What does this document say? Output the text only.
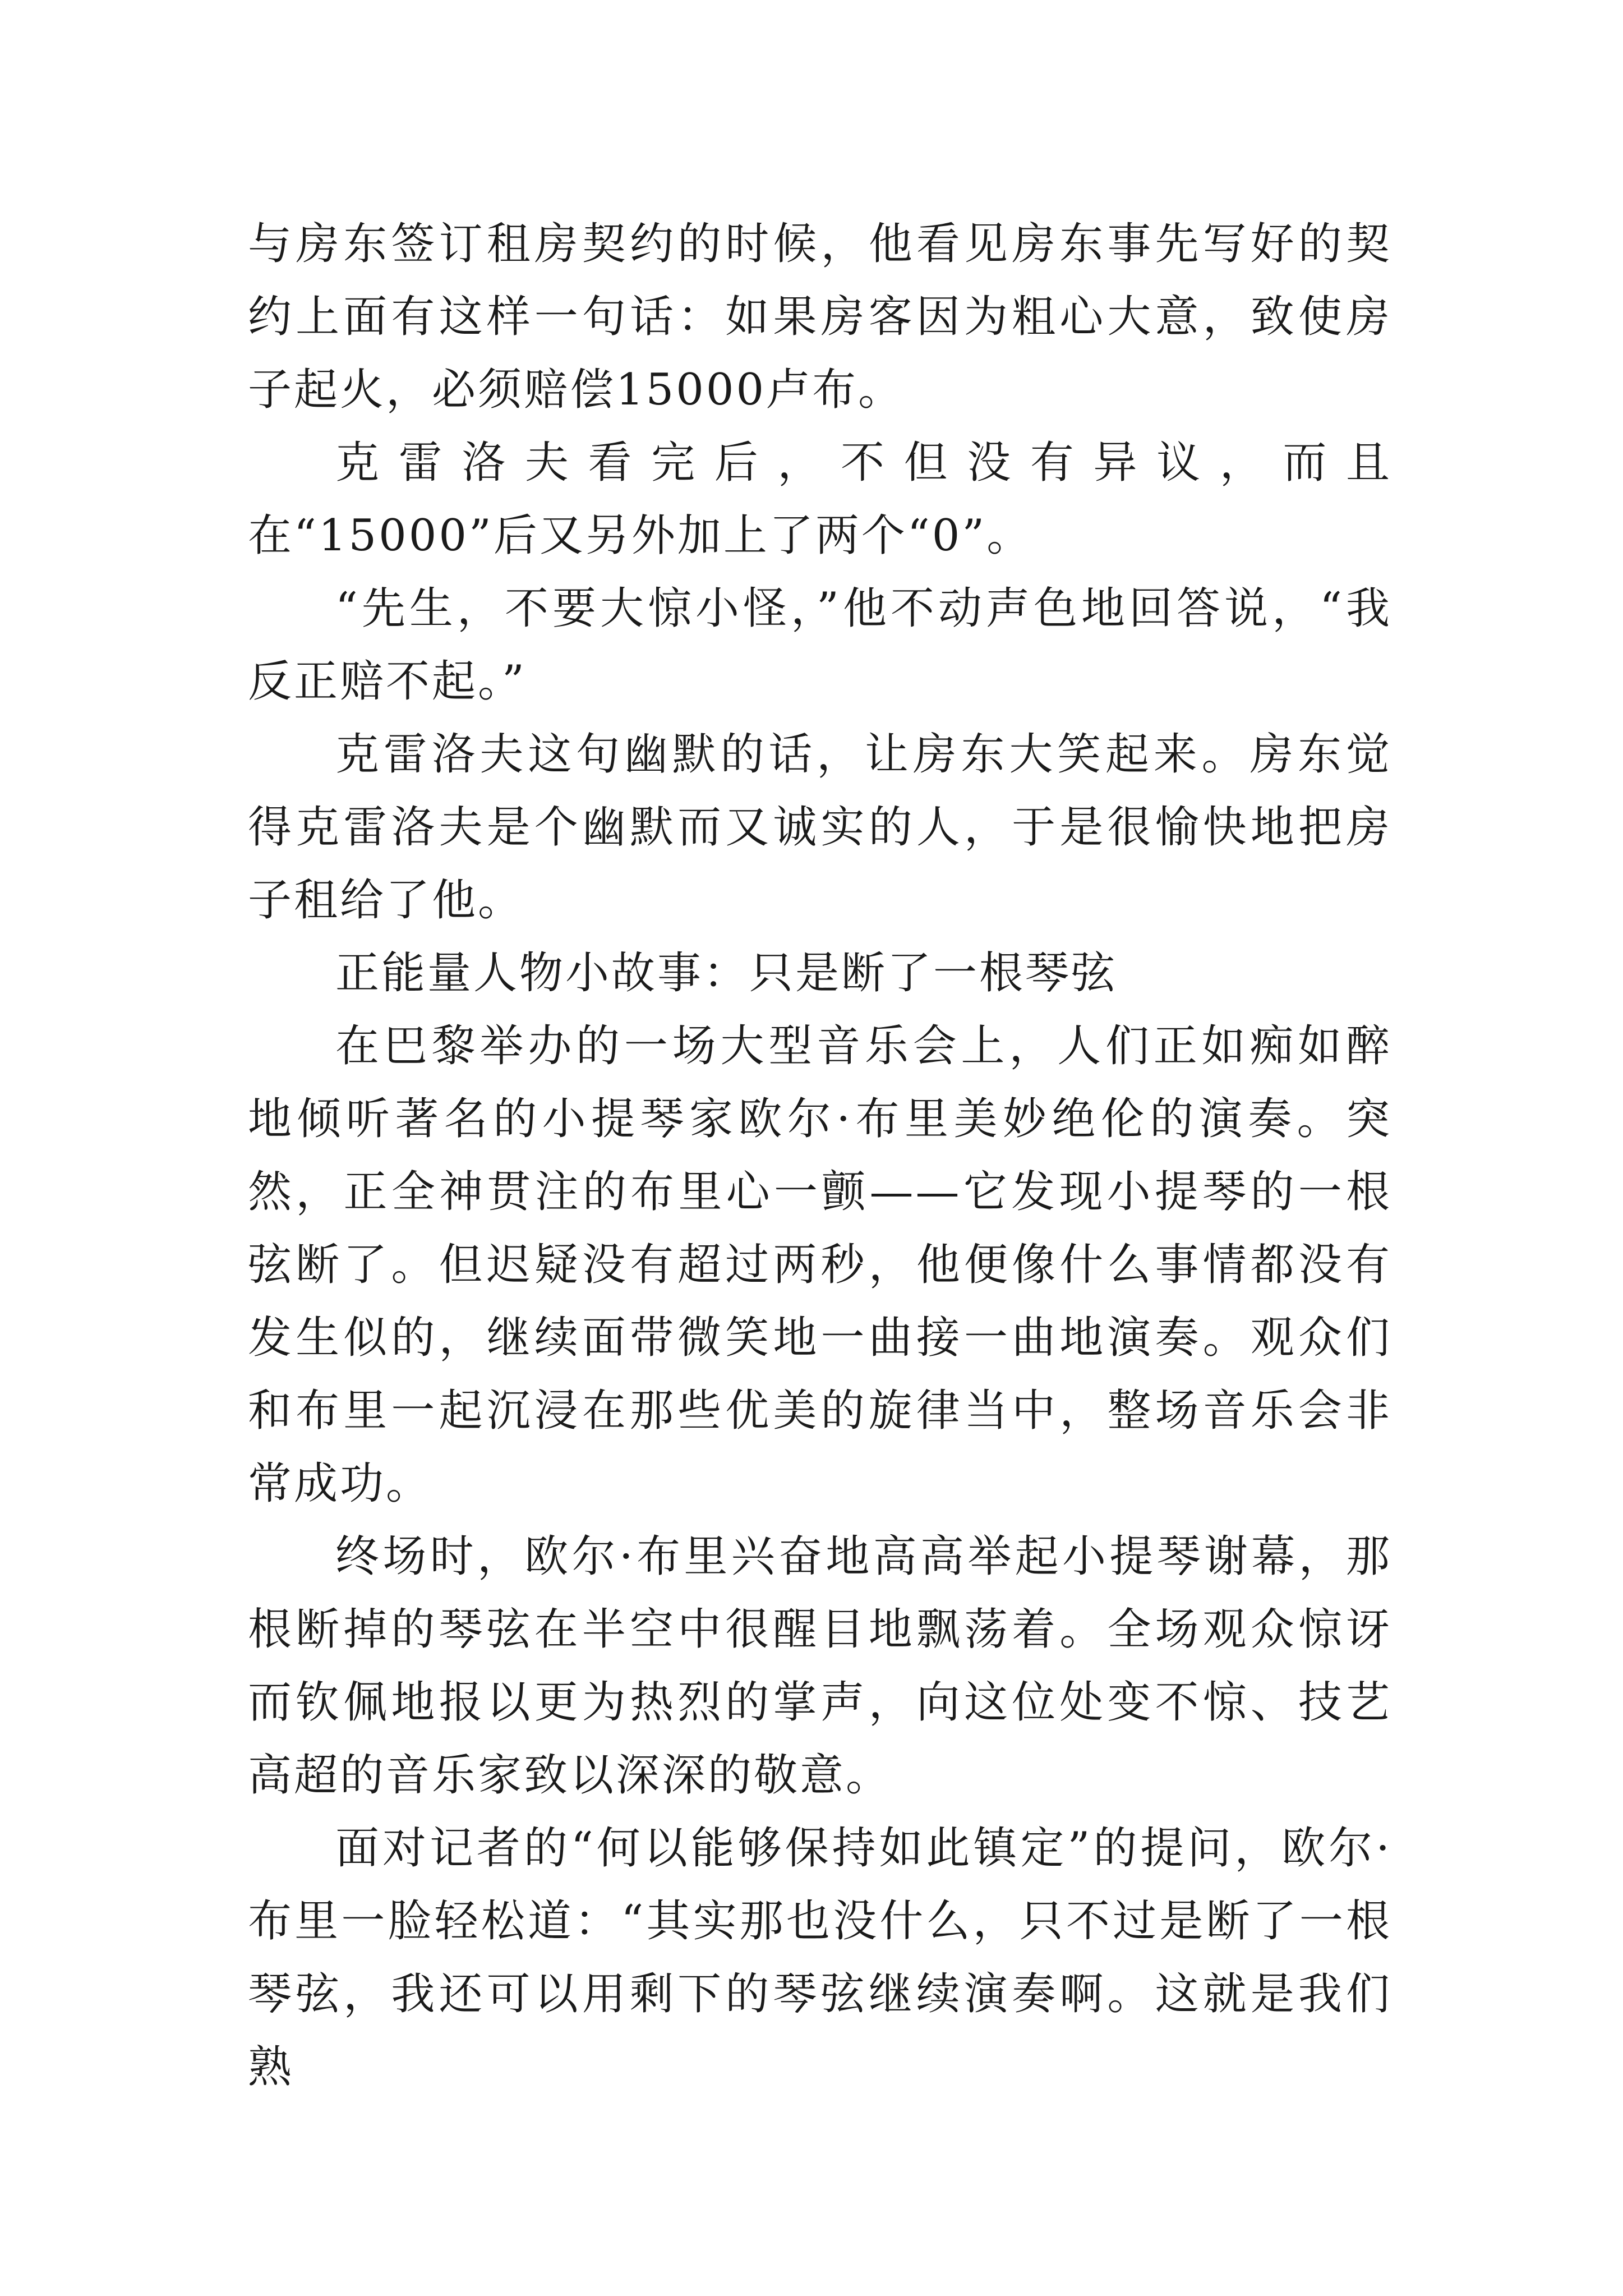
与房东签订租房契约的时候，他看见房东事先写好的契约上面有这样一句话：如果房客因为粗心大意，致使房子起火，必须赔偿15000卢布。

克雷洛夫看完后，不但没有异议，而且在“15000”后又另外加上了两个“0”。

“先生，不要大惊小怪，”他不动声色地回答说，“我反正赔不起。”

克雷洛夫这句幽默的话，让房东大笑起来。房东觉得克雷洛夫是个幽默而又诚实的人，于是很愉快地把房子租给了他。

正能量人物小故事：只是断了一根琴弦

在巴黎举办的一场大型音乐会上，人们正如痴如醉地倾听著名的小提琴家欧尔·布里美妙绝伦的演奏。突然，正全神贯注的布里心一颤——它发现小提琴的一根弦断了。但迟疑没有超过两秒，他便像什么事情都没有发生似的，继续面带微笑地一曲接一曲地演奏。观众们和布里一起沉浸在那些优美的旋律当中，整场音乐会非常成功。

终场时，欧尔·布里兴奋地高高举起小提琴谢幕，那根断掉的琴弦在半空中很醒目地飘荡着。全场观众惊讶而钦佩地报以更为热烈的掌声，向这位处变不惊、技艺高超的音乐家致以深深的敬意。

面对记者的“何以能够保持如此镇定”的提问，欧尔·布里一脸轻松道：“其实那也没什么，只不过是断了一根琴弦，我还可以用剩下的琴弦继续演奏啊。这就是我们熟
